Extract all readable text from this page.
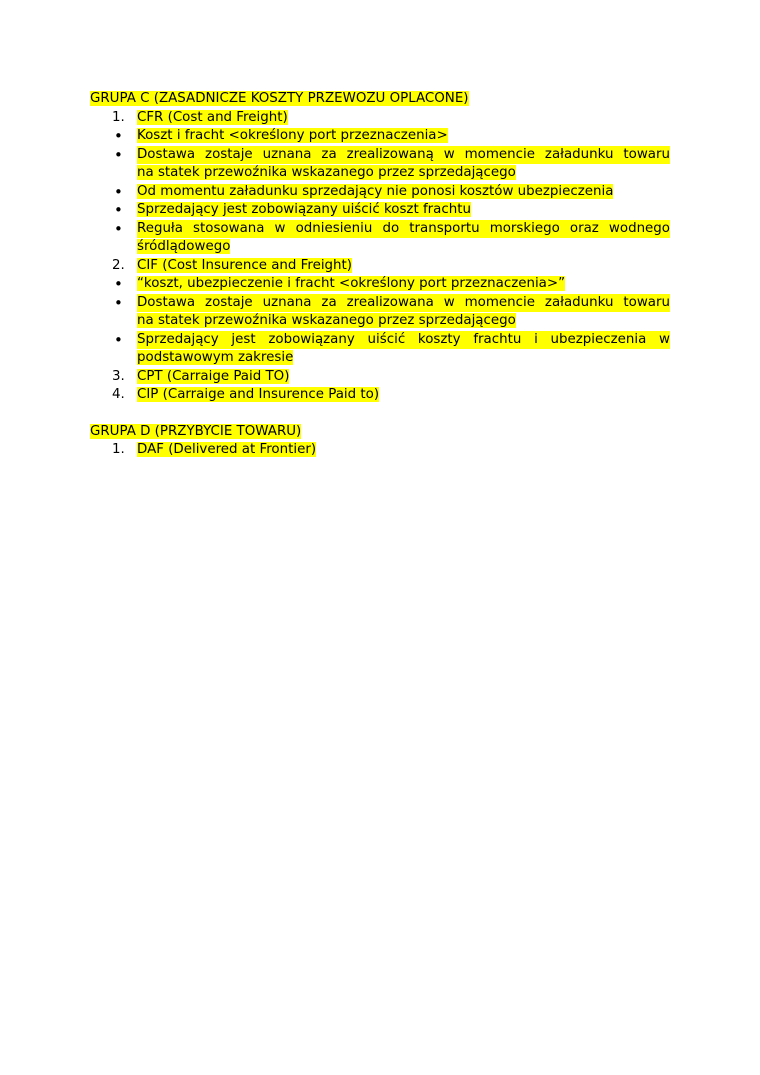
GRUPA C (ZASADNICZE KOSZTY PRZEWOZU OPLACONE)
1. CFR (Cost and Freight)
•	Koszt i fracht <określony port przeznaczenia>
•	Dostawa zostaje uznana za zrealizowaną w momencie załadunku towaru
na statek przewoźnika wskazanego przez sprzedającego
•	Od momentu załadunku sprzedający nie ponosi kosztów ubezpieczenia
•	Sprzedający jest zobowiązany uiścić koszt frachtu
•	Reguła stosowana w odniesieniu do transportu morskiego oraz wodnego
śródlądowego
2. CIF (Cost Insurence and Freight)
•	“koszt, ubezpieczenie i fracht <określony port przeznaczenia>”
•	Dostawa zostaje uznana za zrealizowana w momencie załadunku towaru
na statek przewoźnika wskazanego przez sprzedającego
•	Sprzedający jest zobowiązany uiścić koszty frachtu i ubezpieczenia w
podstawowym zakresie
3. CPT (Carraige Paid TO)
4. CIP (Carraige and Insurence Paid to)
GRUPA D (PRZYBYCIE TOWARU)
1. DAF (Delivered at Frontier)
